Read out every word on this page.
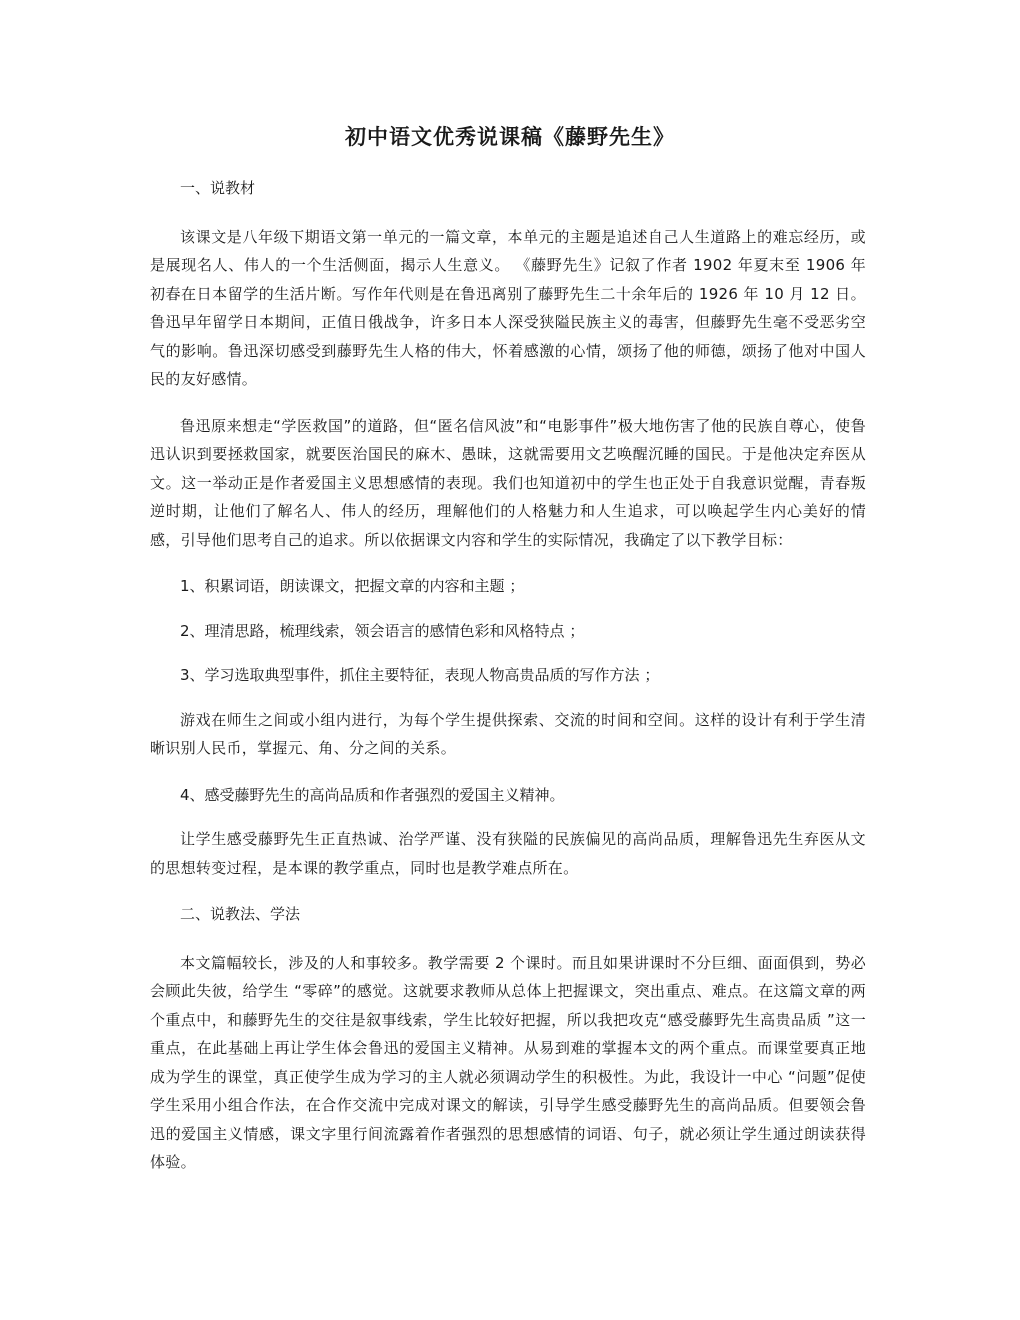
初中语文优秀说课稿《藤野先生》

一、说教材

该课文是八年级下期语文第一单元的一篇文章，本单元的主题是追述自己人生道路上的难忘经历，或是展现名人、伟人的一个生活侧面，揭示人生意义。 《藤野先生》记叙了作者 1902 年夏末至 1906 年初春在日本留学的生活片断。写作年代则是在鲁迅离别了藤野先生二十余年后的 1926 年 10 月 12 日。鲁迅早年留学日本期间，正值日俄战争，许多日本人深受狭隘民族主义的毒害，但藤野先生毫不受恶劣空气的影响。鲁迅深切感受到藤野先生人格的伟大，怀着感激的心情，颂扬了他的师德，颂扬了他对中国人民的友好感情。

鲁迅原来想走“学医救国”的道路，但“匿名信风波”和“电影事件”极大地伤害了他的民族自尊心，使鲁迅认识到要拯救国家，就要医治国民的麻木、愚昧，这就需要用文艺唤醒沉睡的国民。于是他决定弃医从文。这一举动正是作者爱国主义思想感情的表现。我们也知道初中的学生也正处于自我意识觉醒，青春叛逆时期，让他们了解名人、伟人的经历，理解他们的人格魅力和人生追求，可以唤起学生内心美好的情感，引导他们思考自己的追求。所以依据课文内容和学生的实际情况，我确定了以下教学目标：

1、积累词语，朗读课文，把握文章的内容和主题 ；

2、理清思路，梳理线索，领会语言的感情色彩和风格特点 ；

3、学习选取典型事件，抓住主要特征，表现人物高贵品质的写作方法 ；

游戏在师生之间或小组内进行，为每个学生提供探索、交流的时间和空间。这样的设计有利于学生清晰识别人民币，掌握元、角、分之间的关系。

4、感受藤野先生的高尚品质和作者强烈的爱国主义精神。

让学生感受藤野先生正直热诚、治学严谨、没有狭隘的民族偏见的高尚品质，理解鲁迅先生弃医从文的思想转变过程，是本课的教学重点，同时也是教学难点所在。

二、说教法、学法

本文篇幅较长，涉及的人和事较多。教学需要 2 个课时。而且如果讲课时不分巨细、面面俱到，势必会顾此失彼，给学生 “零碎”的感觉。这就要求教师从总体上把握课文，突出重点、难点。在这篇文章的两个重点中，和藤野先生的交往是叙事线索，学生比较好把握，所以我把攻克“感受藤野先生高贵品质 ”这一重点，在此基础上再让学生体会鲁迅的爱国主义精神。从易到难的掌握本文的两个重点。而课堂要真正地成为学生的课堂，真正使学生成为学习的主人就必须调动学生的积极性。为此，我设计一中心 “问题”促使学生采用小组合作法，在合作交流中完成对课文的解读，引导学生感受藤野先生的高尚品质。但要领会鲁迅的爱国主义情感，课文字里行间流露着作者强烈的思想感情的词语、句子，就必须让学生通过朗读获得体验。
